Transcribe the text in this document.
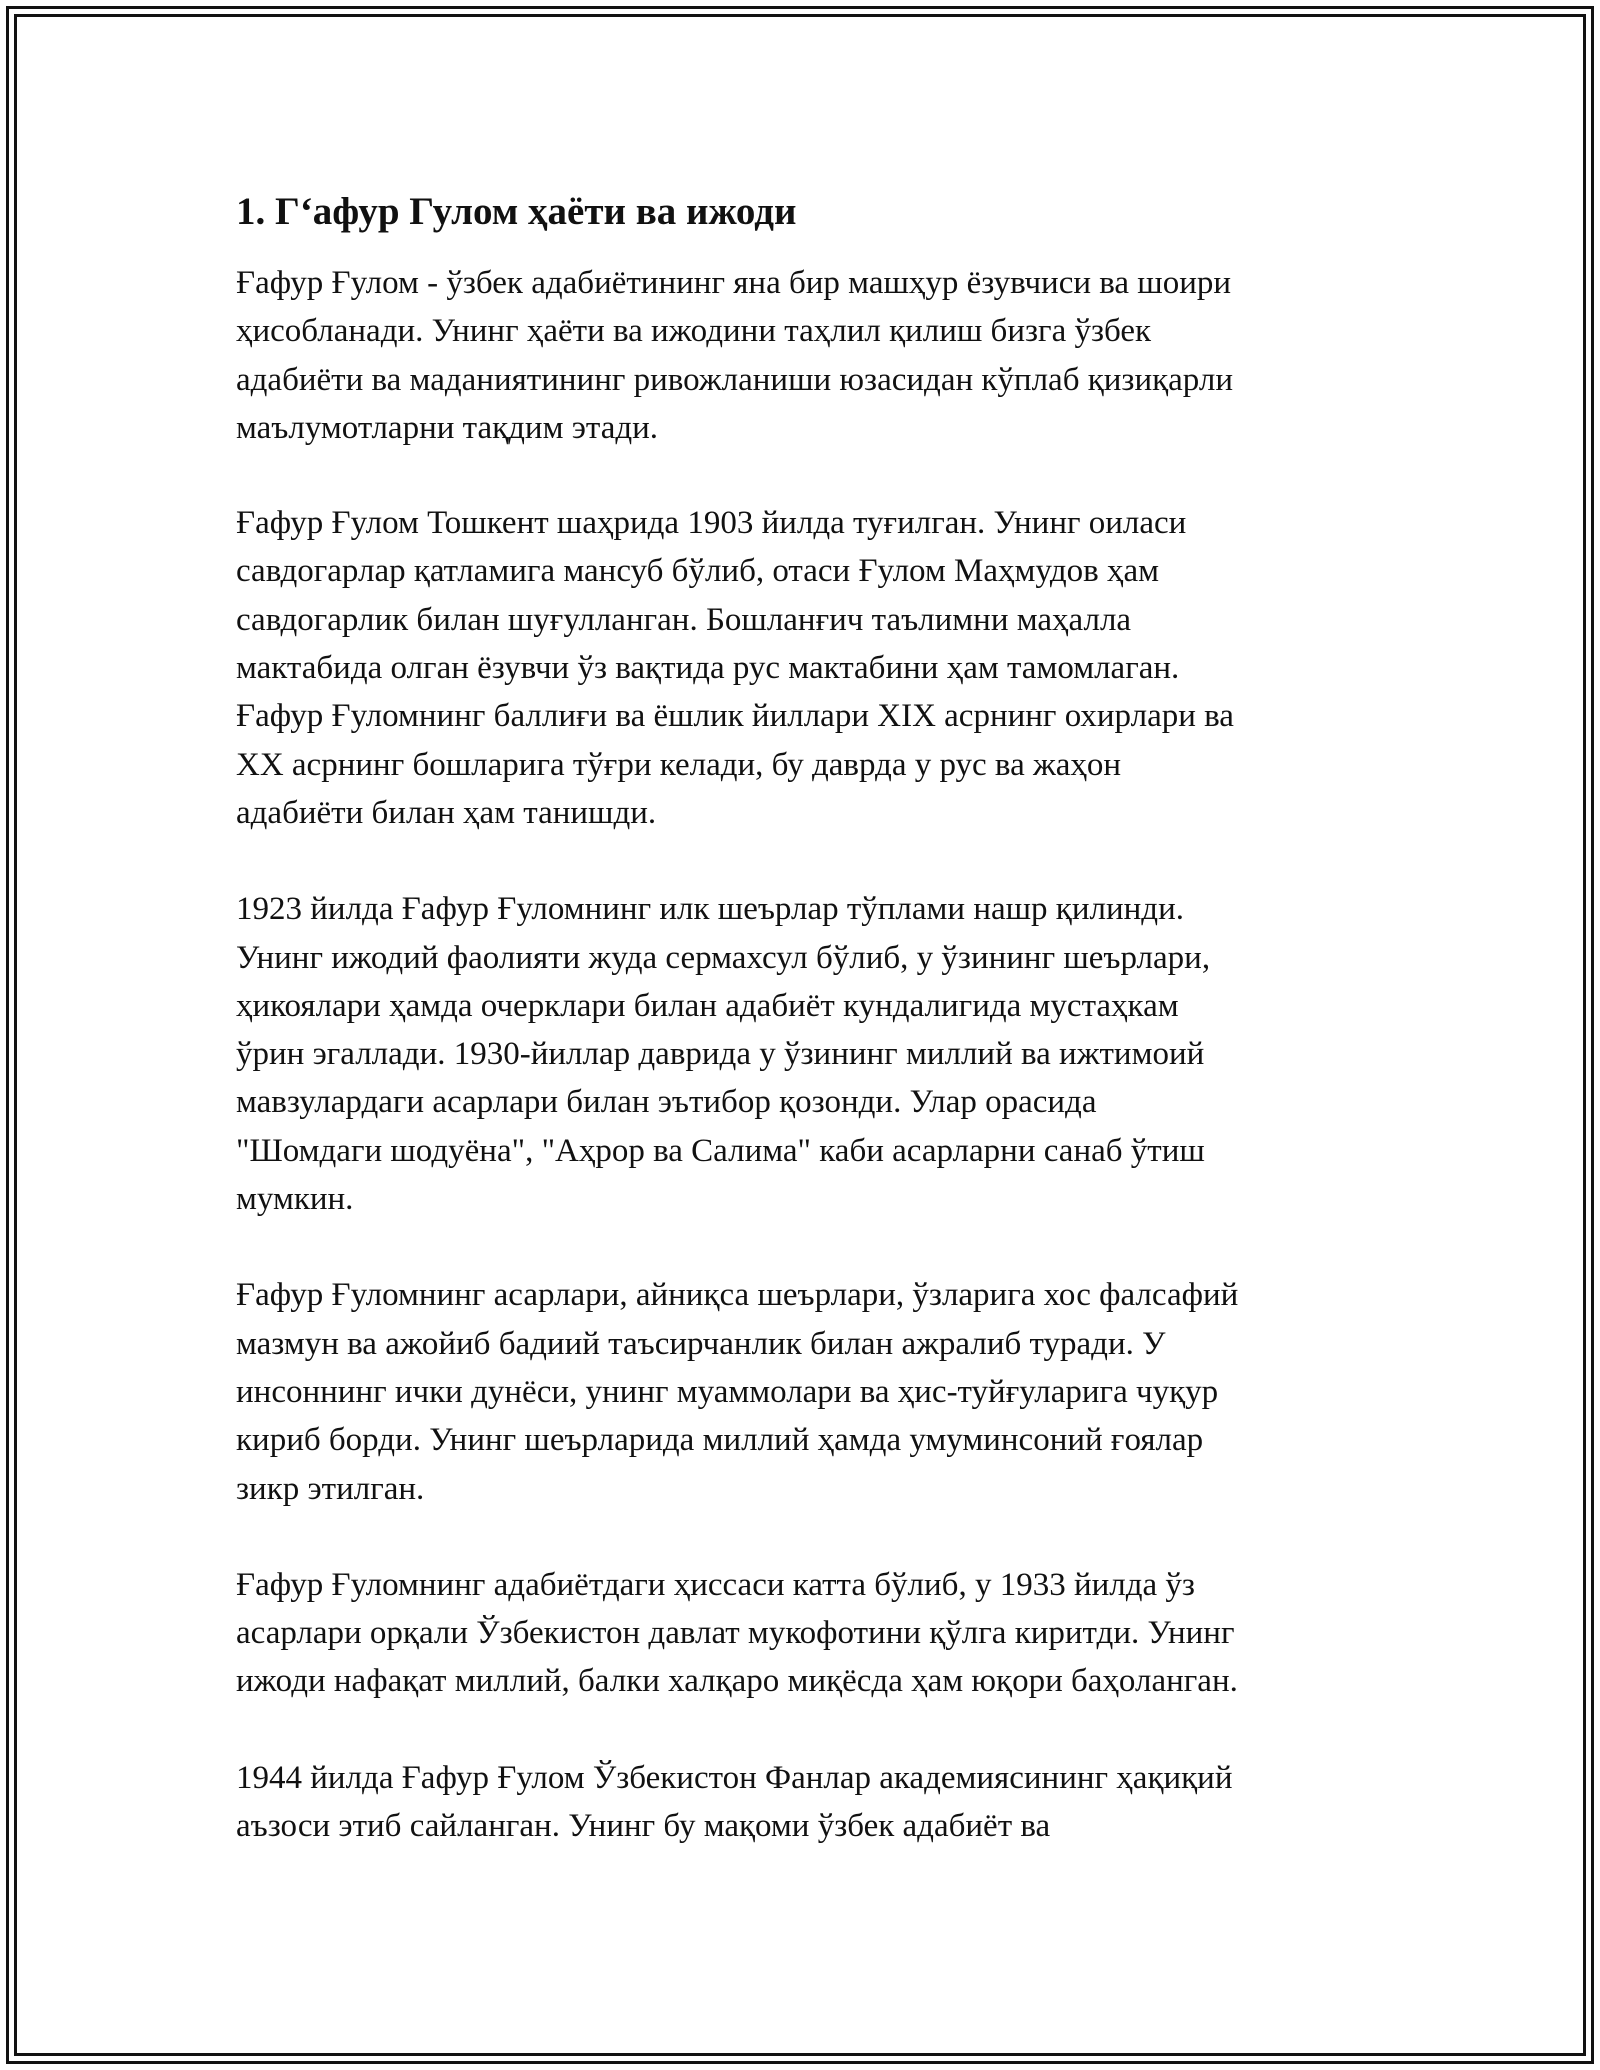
1. Гʻафур Гулом ҳаёти ва ижоди

Ғафур Ғулом - ўзбек адабиётининг яна бир машҳур ёзувчиси ва шоири
ҳисобланади. Унинг ҳаёти ва ижодини таҳлил қилиш бизга ўзбек
адабиёти ва маданиятининг ривожланиши юзасидан кўплаб қизиқарли
маълумотларни тақдим этади.

Ғафур Ғулом Тошкент шаҳрида 1903 йилда туғилган. Унинг оиласи
савдогарлар қатламига мансуб бўлиб, отаси Ғулом Маҳмудов ҳам
савдогарлик билан шуғулланган. Бошланғич таълимни маҳалла
мактабида олган ёзувчи ўз вақтида рус мактабини ҳам тамомлаган.
Ғафур Ғуломнинг баллиғи ва ёшлик йиллари XIX асрнинг охирлари ва
XX асрнинг бошларига тўғри келади, бу даврда у рус ва жаҳон
адабиёти билан ҳам танишди.

1923 йилда Ғафур Ғуломнинг илк шеърлар тўплами нашр қилинди.
Унинг ижодий фаолияти жуда сермахсул бўлиб, у ўзининг шеърлари,
ҳикоялари ҳамда очерклари билан адабиёт кундалигида мустаҳкам
ўрин эгаллади. 1930-йиллар даврида у ўзининг миллий ва ижтимоий
мавзулардаги асарлари билан эътибор қозонди. Улар орасида
"Шомдаги шодуёна", "Аҳрор ва Салима" каби асарларни санаб ўтиш
мумкин.

Ғафур Ғуломнинг асарлари, айниқса шеърлари, ўзларига хос фалсафий
мазмун ва ажойиб бадиий таъсирчанлик билан ажралиб туради. У
инсоннинг ички дунёси, унинг муаммолари ва ҳис-туйғуларига чуқур
кириб борди. Унинг шеърларида миллий ҳамда умуминсоний ғоялар
зикр этилган.

Ғафур Ғуломнинг адабиётдаги ҳиссаси катта бўлиб, у 1933 йилда ўз
асарлари орқали Ўзбекистон давлат мукофотини қўлга киритди. Унинг
ижоди нафақат миллий, балки халқаро миқёсда ҳам юқори баҳоланган.

1944 йилда Ғафур Ғулом Ўзбекистон Фанлар академиясининг ҳақиқий
аъзоси этиб сайланган. Унинг бу мақоми ўзбек адабиёт ва
